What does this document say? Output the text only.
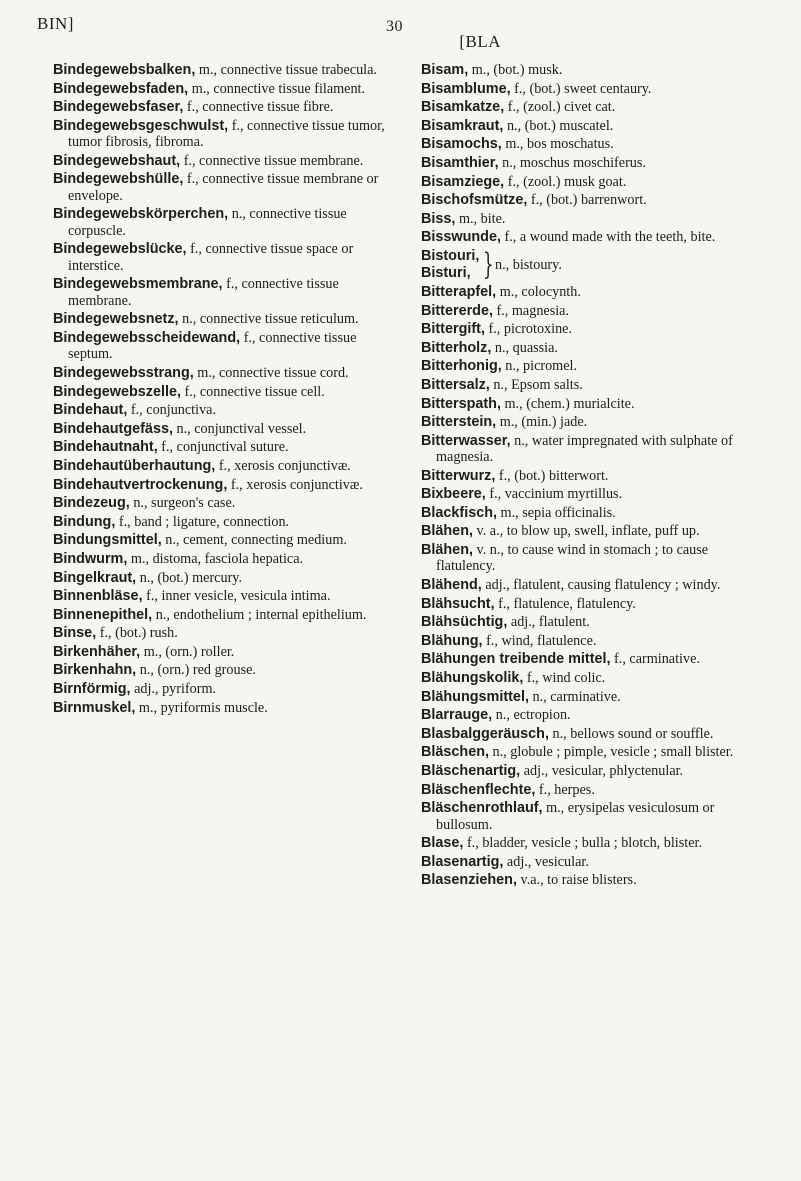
BIN]	30
[BLA
Bindegewebsbalken, m., connective tissue trabecula.
Bindegewebsfaden, m., connective tissue filament.
Bindegewebsfaser, f., connective tissue fibre.
Bindegewebsgeschwulst, f., connective tissue tumor, tumor fibrosis, fibroma.
Bindegewebshaut, f., connective tissue membrane.
Bindegewebshülle, f., connective tissue membrane or envelope.
Bindegewebskörperchen, n., connective tissue corpuscle.
Bindegewebslücke, f., connective tissue space or interstice.
Bindegewebsmembrane, f., connective tissue membrane.
Bindegewebsnetz, n., connective tissue reticulum.
Bindegewebsscheidewand, f., connective tissue septum.
Bindegewebsstrang, m., connective tissue cord.
Bindegewebszelle, f., connective tissue cell.
Bindehaut, f., conjunctiva.
Bindehautgefäss, n., conjunctival vessel.
Bindehautnaht, f., conjunctival suture.
Bindehautüberhautung, f., xerosis conjunctivæ.
Bindehautvertrockenung, f., xerosis conjunctivæ.
Bindezeug, n., surgeon's case.
Bindung, f., band ; ligature, connection.
Bindungsmittel, n., cement, connecting medium.
Bindwurm, m., distoma, fasciola hepatica.
Bingelkraut, n., (bot.) mercury.
Binnenbläse, f., inner vesicle, vesicula intima.
Binnenepithel, n., endothelium ; internal epithelium.
Binse, f., (bot.) rush.
Birkenhäher, m., (orn.) roller.
Birkenhahn, n., (orn.) red grouse.
Birnförmig, adj., pyriform.
Birnmuskel, m., pyriformis muscle.
Bisam, m., (bot.) musk.
Bisamblume, f., (bot.) sweet centaury.
Bisamkatze, f., (zool.) civet cat.
Bisamkraut, n., (bot.) muscatel.
Bisamochs, m., bos moschatus.
Bisamthier, n., moschus moschiferus.
Bisamziege, f., (zool.) musk goat.
Bischofsmütze, f., (bot.) barrenwort.
Biss, m., bite.
Bisswunde, f., a wound made with the teeth, bite.
Bistouri,
Bisturi, } n., bistoury.
Bitterapfel, m., colocynth.
Bittererde, f., magnesia.
Bittergift, f., picrotoxine.
Bitterholz, n., quassia.
Bitterhonig, n., picromel.
Bittersalz, n., Epsom salts.
Bitterspath, m., (chem.) murialcite.
Bitterstein, m., (min.) jade.
Bitterwasser, n., water impregnated with sulphate of magnesia.
Bitterwurz, f., (bot.) bitterwort.
Bixbeere, f., vaccinium myrtillus.
Blackfisch, m., sepia officinalis.
Blähen, v. a., to blow up, swell, inflate, puff up.
Blähen, v. n., to cause wind in stomach ; to cause flatulency.
Blähend, adj., flatulent, causing flatulency ; windy.
Blähsucht, f., flatulence, flatulency.
Blähsüchtig, adj., flatulent.
Blähung, f., wind, flatulence.
Blähungen treibende mittel, f., carminative.
Blähungskolik, f., wind colic.
Blähungsmittel, n., carminative.
Blarrauge, n., ectropion.
Blasbalggeräusch, n., bellows sound or souffle.
Bläschen, n., globule ; pimple, vesicle ; small blister.
Bläschenartig, adj., vesicular, phlyctenular.
Bläschenflechte, f., herpes.
Bläschenrothlauf, m., erysipelas vesiculosum or bullosum.
Blase, f., bladder, vesicle ; bulla ; blotch, blister.
Blasenartig, adj., vesicular.
Blasenziehen, v.a., to raise blisters.
